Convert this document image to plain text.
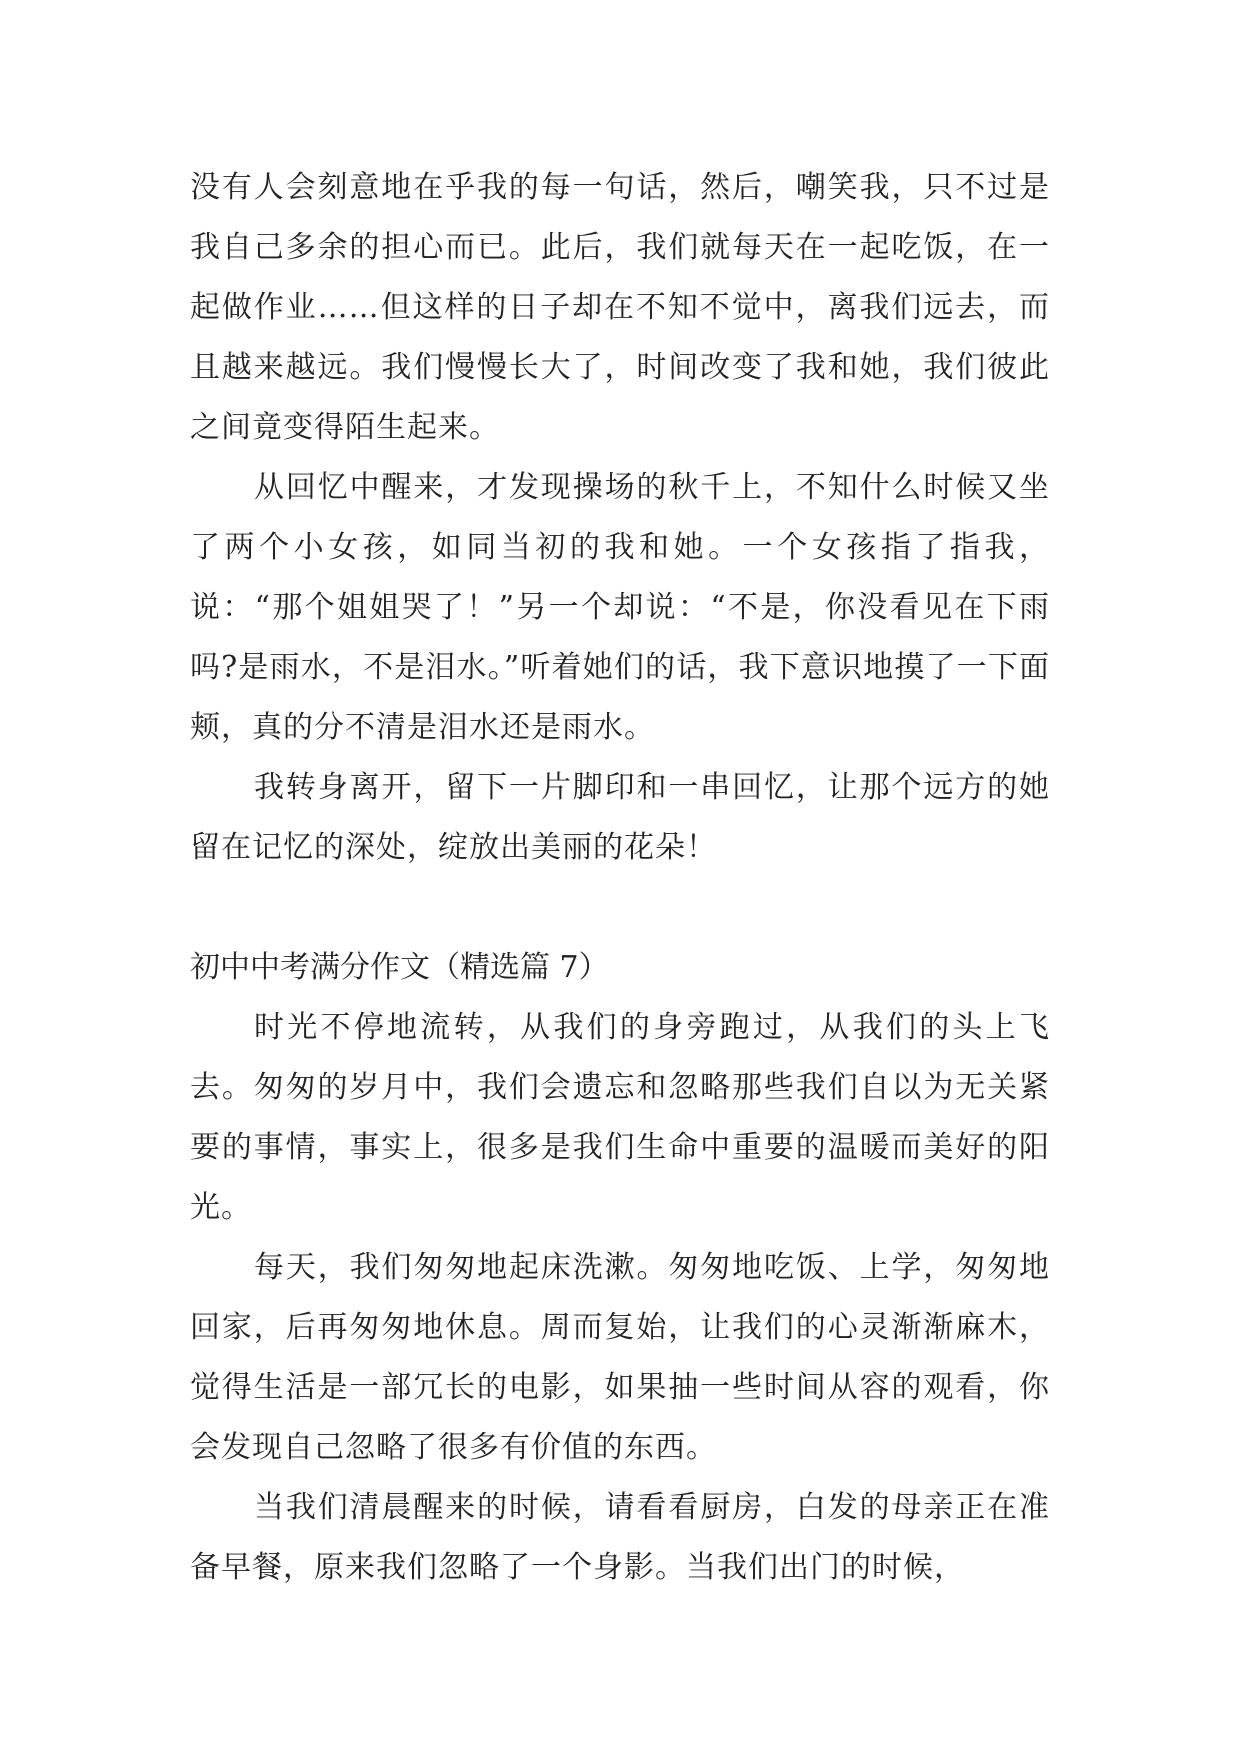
没有人会刻意地在乎我的每一句话，然后，嘲笑我，只不过是我自己多余的担心而已。此后，我们就每天在一起吃饭，在一起做作业……但这样的日子却在不知不觉中，离我们远去，而且越来越远。我们慢慢长大了，时间改变了我和她，我们彼此之间竟变得陌生起来。

从回忆中醒来，才发现操场的秋千上，不知什么时候又坐了两个小女孩，如同当初的我和她。一个女孩指了指我，说：“那个姐姐哭了！”另一个却说：“不是，你没看见在下雨吗?是雨水，不是泪水。”听着她们的话，我下意识地摸了一下面颊，真的分不清是泪水还是雨水。

我转身离开，留下一片脚印和一串回忆，让那个远方的她留在记忆的深处，绽放出美丽的花朵！

初中中考满分作文（精选篇 7）

时光不停地流转，从我们的身旁跑过，从我们的头上飞去。匆匆的岁月中，我们会遗忘和忽略那些我们自以为无关紧要的事情，事实上，很多是我们生命中重要的温暖而美好的阳光。

每天，我们匆匆地起床洗漱。匆匆地吃饭、上学，匆匆地回家，后再匆匆地休息。周而复始，让我们的心灵渐渐麻木，觉得生活是一部冗长的电影，如果抽一些时间从容的观看，你会发现自己忽略了很多有价值的东西。

当我们清晨醒来的时候，请看看厨房，白发的母亲正在准备早餐，原来我们忽略了一个身影。当我们出门的时候，
